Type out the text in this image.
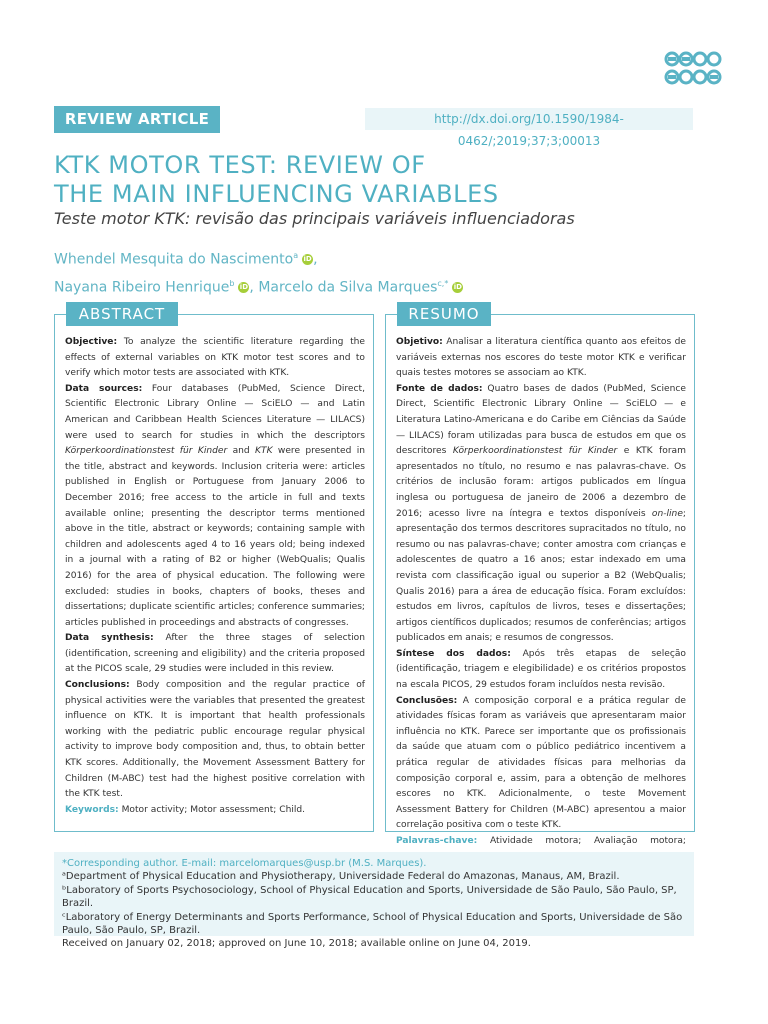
REVIEW ARTICLE	http://dx.doi.org/10.1590/1984-0462/;2019;37;3;00013
KTK MOTOR TEST: REVIEW OF
THE MAIN INFLUENCING VARIABLES
Teste motor KTK: revisão das principais variáveis influenciadoras
Whendel Mesquita do Nascimento$^a$ iD,
Nayana Ribeiro Henrique$^b$ iD, Marcelo da Silva Marques$^{c,*}$ iD

Objective: To analyze the scientific literature regarding the effects of external variables on KTK motor test scores and to verify which motor tests are associated with KTK.

Data sources: Four databases (PubMed, Science Direct, Scientific Electronic Library Online — SciELO — and Latin American and Caribbean Health Sciences Literature — LILACS) were used to search for studies in which the descriptors Körperkoordinationstest für Kinder and KTK were presented in the title, abstract and keywords. Inclusion criteria were: articles published in English or Portuguese from January 2006 to December 2016; free access to the article in full and texts available online; presenting the descriptor terms mentioned above in the title, abstract or keywords; containing sample with children and adolescents aged 4 to 16 years old; being indexed in a journal with a rating of B2 or higher (WebQualis; Qualis 2016) for the area of physical education. The following were excluded: studies in books, chapters of books, theses and dissertations; duplicate scientific articles; conference summaries; articles published in proceedings and abstracts of congresses.

Data synthesis: After the three stages of selection (identification, screening and eligibility) and the criteria proposed at the PICOS scale, 29 studies were included in this review.

Conclusions: Body composition and the regular practice of physical activities were the variables that presented the greatest influence on KTK. It is important that health professionals working with the pediatric public encourage regular physical activity to improve body composition and, thus, to obtain better KTK scores. Additionally, the Movement Assessment Battery for Children (M-ABC) test had the highest positive correlation with the KTK test.

Keywords: Motor activity; Motor assessment; Child.

ABSTRACT

Objetivo: Analisar a literatura científica quanto aos efeitos de variáveis externas nos escores do teste motor KTK e verificar quais testes motores se associam ao KTK.

Fonte de dados: Quatro bases de dados (PubMed, Science Direct, Scientific Electronic Library Online — SciELO — e Literatura Latino-Americana e do Caribe em Ciências da Saúde — LILACS) foram utilizadas para busca de estudos em que os descritores Körperkoordinationstest für Kinder e KTK foram apresentados no título, no resumo e nas palavras-chave. Os critérios de inclusão foram: artigos publicados em língua inglesa ou portuguesa de janeiro de 2006 a dezembro de 2016; acesso livre na íntegra e textos disponíveis on-line; apresentação dos termos descritores supracitados no título, no resumo ou nas palavras-chave; conter amostra com crianças e adolescentes de quatro a 16 anos; estar indexado em uma revista com classificação igual ou superior a B2 (WebQualis; Qualis 2016) para a área de educação física. Foram excluídos: estudos em livros, capítulos de livros, teses e dissertações; artigos científicos duplicados; resumos de conferências; artigos publicados em anais; e resumos de congressos.

Síntese dos dados: Após três etapas de seleção (identificação, triagem e elegibilidade) e os critérios propostos na escala PICOS, 29 estudos foram incluídos nesta revisão.

Conclusões: A composição corporal e a prática regular de atividades físicas foram as variáveis que apresentaram maior influência no KTK. Parece ser importante que os profissionais da saúde que atuam com o público pediátrico incentivem a prática regular de atividades físicas para melhorias da composição corporal e, assim, para a obtenção de melhores escores no KTK. Adicionalmente, o teste Movement Assessment Battery for Children (M-ABC) apresentou a maior correlação positiva com o teste KTK.

Palavras-chave: Atividade motora; Avaliação motora;

RESUMO
*Corresponding author. E-mail: marcelomarques@usp.br (M.S. Marques).
ᵃDepartment of Physical Education and Physiotherapy, Universidade Federal do Amazonas, Manaus, AM, Brazil.
ᵇLaboratory of Sports Psychosociology, School of Physical Education and Sports, Universidade de São Paulo, São Paulo, SP, Brazil.
ᶜLaboratory of Energy Determinants and Sports Performance, School of Physical Education and Sports, Universidade de São Paulo, São Paulo, SP, Brazil.
Received on January 02, 2018; approved on June 10, 2018; available online on June 04, 2019.
